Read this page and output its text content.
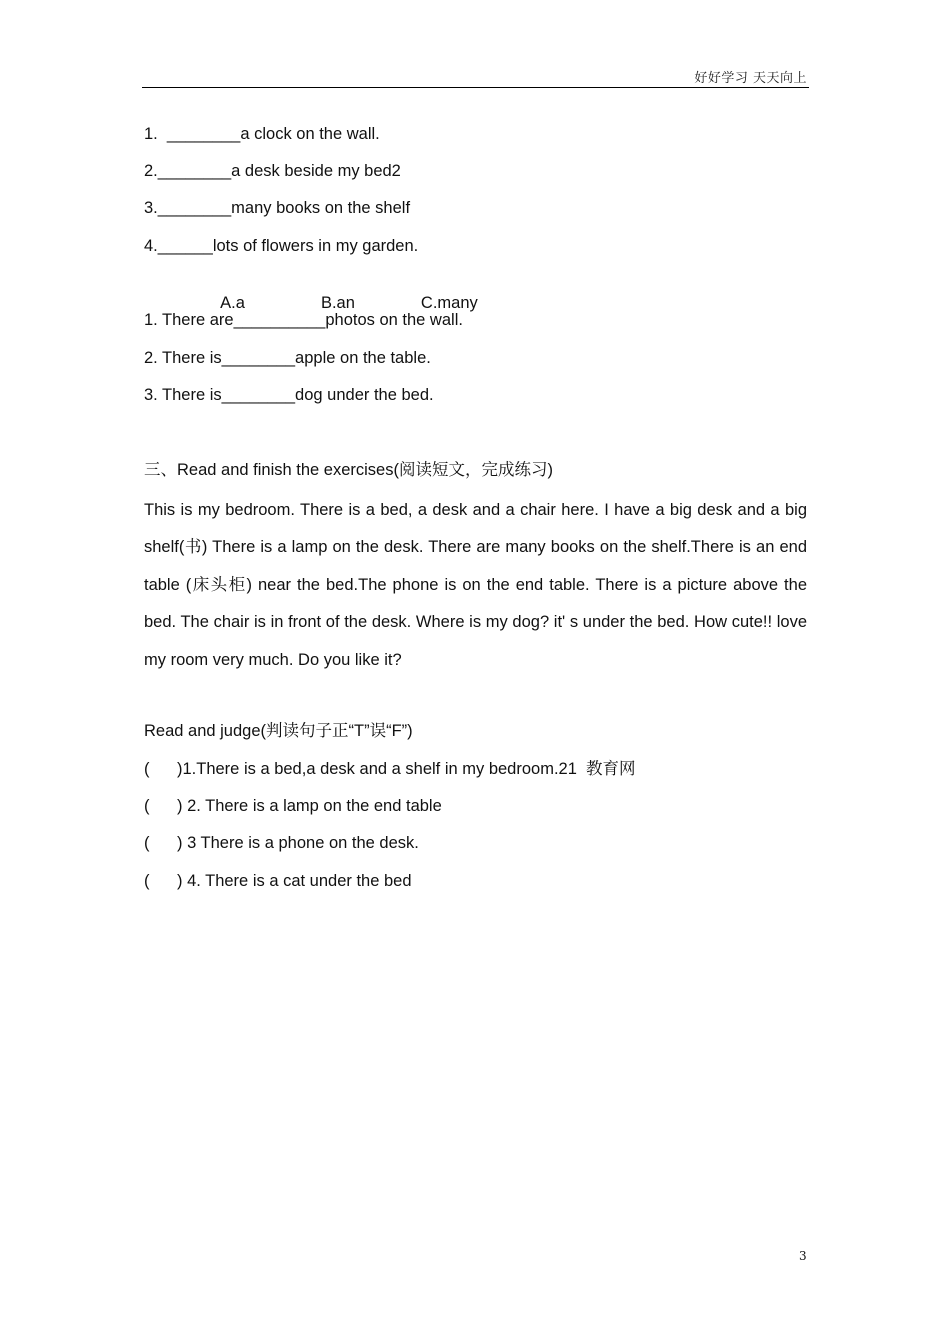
好好学习 天天向上
1.  ________a clock on the wall.
2.________a desk beside my bed2
3.________many books on the shelf
4.______lots of flowers in my garden.

A.a	B.an	C.many

1. There are__________photos on the wall.
2. There is________apple on the table.
3. There is________dog under the bed.
三、Read and finish the exercises(阅读短文，完成练习)
This is my bedroom. There is a bed, a desk and a chair here. I have a big desk and a big shelf(书) There is a lamp on the desk. There are many books on the shelf.There is an end table (床头柜) near the bed.The phone is on the end table. There is a picture above the bed. The chair is in front of the desk. Where is my dog? it' s under the bed. How cute!! love my room very much. Do you like it?
Read and judge(判读句子正“T”误“F”)
(      )1.There is a bed,a desk and a shelf in my bedroom.21  教育网
(      ) 2. There is a lamp on the end table
(      ) 3 There is a phone on the desk.
(      ) 4. There is a cat under the bed
3
